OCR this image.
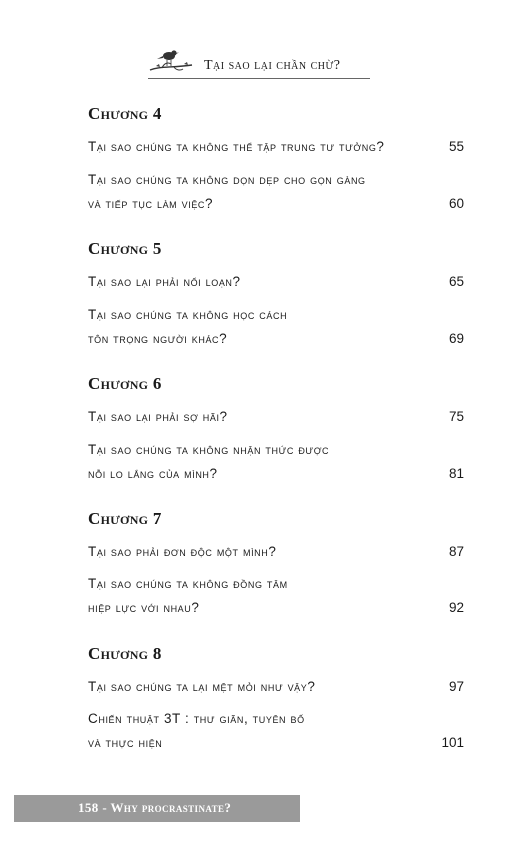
Tại sao lại chần chừ?
Chương 4
Tại sao chúng ta không thể tập trung tư tưởng?	55
Tại sao chúng ta không dọn dẹp cho gọn gàng
và tiếp tục làm việc?	60
Chương 5
Tại sao lại phải nổi loạn?	65
Tại sao chúng ta không học cách
tôn trọng người khác?	69
Chương 6
Tại sao lại phải sợ hãi?	75
Tại sao chúng ta không nhận thức được
nỗi lo lắng của mình?	81
Chương 7
Tại sao phải đơn độc một mình?	87
Tại sao chúng ta không đồng tâm
hiệp lực với nhau?	92
Chương 8
Tại sao chúng ta lại mệt mỏi như vậy?	97
Chiến thuật 3T : thư giãn, tuyên bố
và thực hiện	101
158 - Why procrastinate?
